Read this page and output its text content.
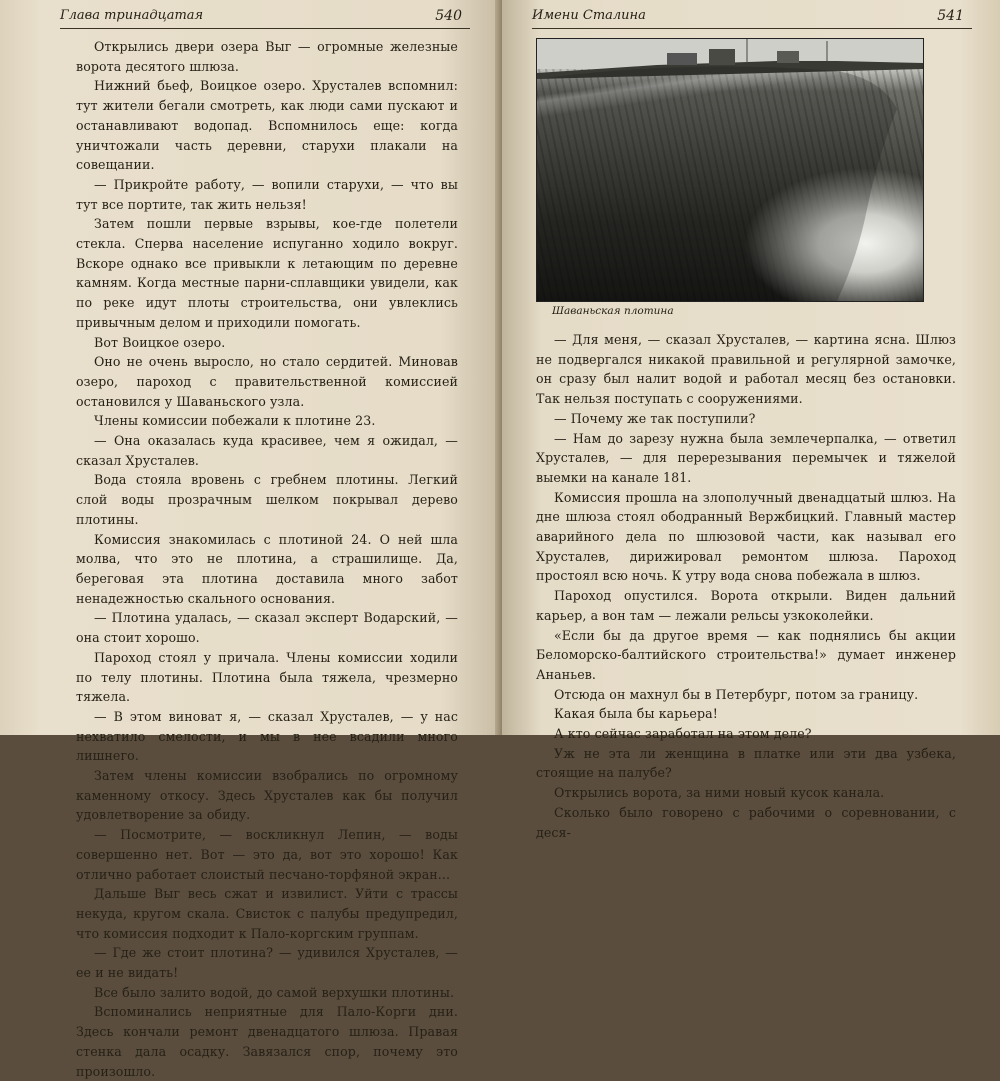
Глава тринадцатая	540

Открылись двери озера Выг — огромные железные ворота десятого шлюза.

Нижний бьеф, Воицкое озеро. Хрусталев вспомнил: тут жители бегали смотреть, как люди сами пускают и останавливают водопад. Вспомнилось еще: когда уничтожали часть деревни, старухи плакали на совещании.

— Прикройте работу, — вопили старухи, — что вы тут все портите, так жить нельзя!

Затем пошли первые взрывы, кое-где полетели стекла. Сперва население испуганно ходило вокруг. Вскоре однако все привыкли к летающим по деревне камням. Когда местные парни-сплавщики увидели, как по реке идут плоты строительства, они увлеклись привычным делом и приходили помогать.

Вот Воицкое озеро.

Оно не очень выросло, но стало сердитей. Миновав озеро, пароход с правительственной комиссией остановился у Шаваньского узла.

Члены комиссии побежали к плотине 23.

— Она оказалась куда красивее, чем я ожидал, — сказал Хрусталев.

Вода стояла вровень с гребнем плотины. Легкий слой воды прозрачным шелком покрывал дерево плотины.

Комиссия знакомилась с плотиной 24. О ней шла молва, что это не плотина, а страшилище. Да, береговая эта плотина доставила много забот ненадежностью скального основания.

— Плотина удалась, — сказал эксперт Водарский, — она стоит хорошо.

Пароход стоял у причала. Члены комиссии ходили по телу плотины. Плотина была тяжела, чрезмерно тяжела.

— В этом виноват я, — сказал Хрусталев, — у нас нехватило смелости, и мы в нее всадили много лишнего.

Затем члены комиссии взобрались по огромному каменному откосу. Здесь Хрусталев как бы получил удовлетворение за обиду.

— Посмотрите, — воскликнул Лепин, — воды совершенно нет. Вот — это да, вот это хорошо! Как отлично работает слоистый песчано-торфяной экран...

Дальше Выг весь сжат и извилист. Уйти с трассы некуда, кругом скала. Свисток с палубы предупредил, что комиссия подходит к Пало-коргским группам.

— Где же стоит плотина? — удивился Хрусталев, — ее и не видать!

Все было залито водой, до самой верхушки плотины.

Вспоминались неприятные для Пало-Корги дни. Здесь кончали ремонт двенадцатого шлюза. Правая стенка дала осадку. Завязался спор, почему это произошло.

Имени Сталина	541
Шаваньская плотина

— Для меня, — сказал Хрусталев, — картина ясна. Шлюз не подвергался никакой правильной и регулярной замочке, он сразу был налит водой и работал месяц без остановки. Так нельзя поступать с сооружениями.

— Почему же так поступили?

— Нам до зарезу нужна была землечерпалка, — ответил Хрусталев, — для перерезывания перемычек и тяжелой выемки на канале 181.

Комиссия прошла на злополучный двенадцатый шлюз. На дне шлюза стоял ободранный Вержбицкий. Главный мастер аварийного дела по шлюзовой части, как называл его Хрусталев, дирижировал ремонтом шлюза. Пароход простоял всю ночь. К утру вода снова побежала в шлюз.

Пароход опустился. Ворота открыли. Виден дальний карьер, а вон там — лежали рельсы узкоколейки.

«Если бы да другое время — как поднялись бы акции Беломорско-балтийского строительства!» думает инженер Ананьев.

Отсюда он махнул бы в Петербург, потом за границу.

Какая была бы карьера!

А кто сейчас заработал на этом деле?

Уж не эта ли женщина в платке или эти два узбека, стоящие на палубе?

Открылись ворота, за ними новый кусок канала.

Сколько было говорено с рабочими о соревновании, с деся-
